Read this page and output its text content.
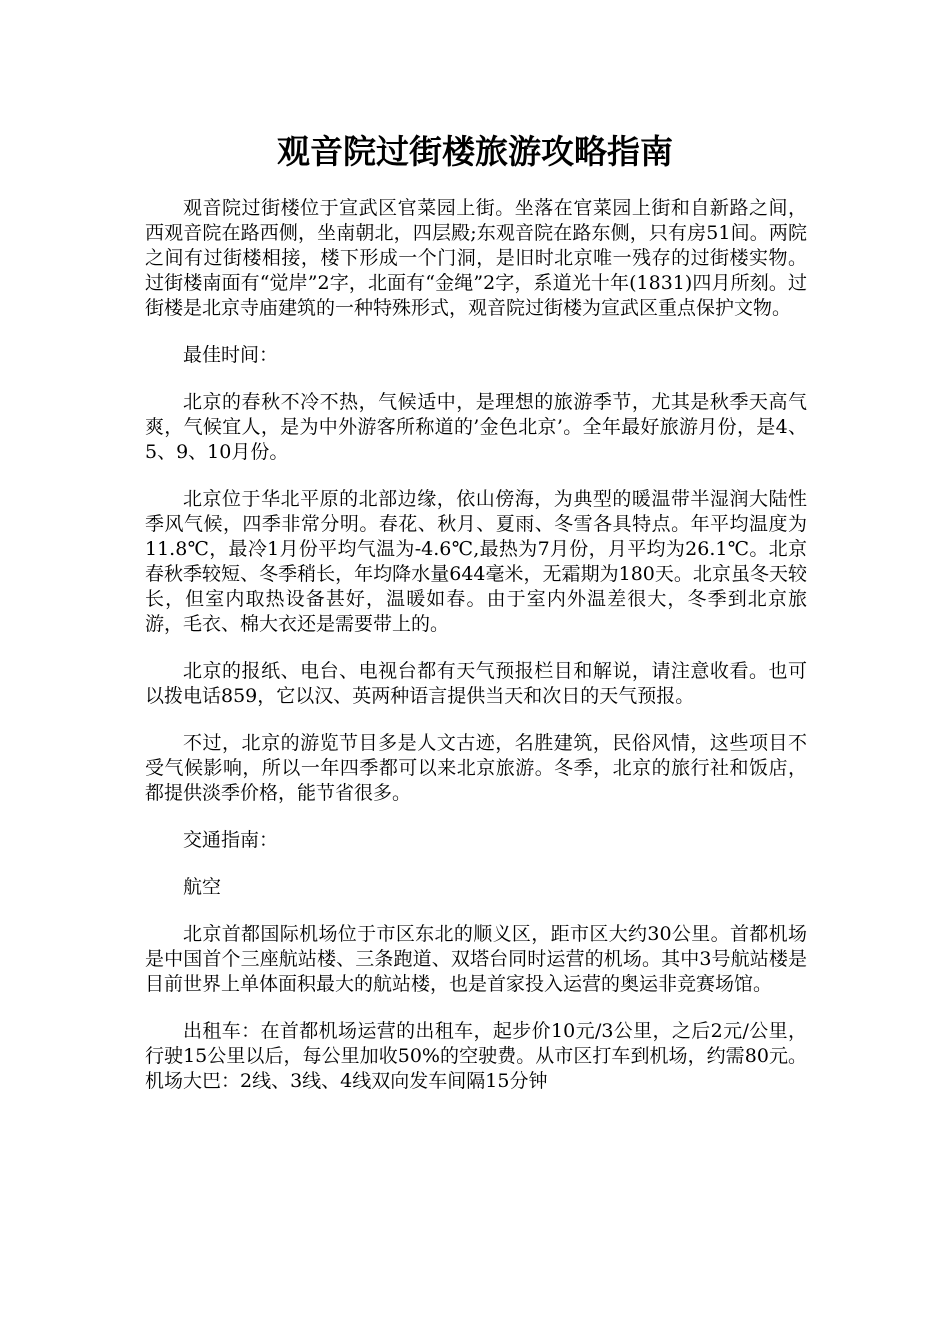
观音院过街楼旅游攻略指南

观音院过街楼位于宣武区官菜园上街。坐落在官菜园上街和自新路之间，西观音院在路西侧，坐南朝北，四层殿;东观音院在路东侧，只有房51间。两院之间有过街楼相接，楼下形成一个门洞，是旧时北京唯一残存的过街楼实物。过街楼南面有“觉岸”2字，北面有“金绳”2字，系道光十年(1831)四月所刻。过街楼是北京寺庙建筑的一种特殊形式，观音院过街楼为宣武区重点保护文物。

最佳时间：

北京的春秋不冷不热，气候适中，是理想的旅游季节，尤其是秋季天高气爽，气候宜人，是为中外游客所称道的’金色北京’。全年最好旅游月份，是4、5、9、10月份。

北京位于华北平原的北部边缘，依山傍海，为典型的暖温带半湿润大陆性季风气候，四季非常分明。春花、秋月、夏雨、冬雪各具特点。年平均温度为11.8℃，最冷1月份平均气温为-4.6℃,最热为7月份，月平均为26.1℃。北京春秋季较短、冬季稍长，年均降水量644毫米，无霜期为180天。北京虽冬天较长，但室内取热设备甚好，温暖如春。由于室内外温差很大，冬季到北京旅游，毛衣、棉大衣还是需要带上的。

北京的报纸、电台、电视台都有天气预报栏目和解说，请注意收看。也可以拨电话859，它以汉、英两种语言提供当天和次日的天气预报。

不过，北京的游览节目多是人文古迹，名胜建筑，民俗风情，这些项目不受气候影响，所以一年四季都可以来北京旅游。冬季，北京的旅行社和饭店，都提供淡季价格，能节省很多。

交通指南：

航空

北京首都国际机场位于市区东北的顺义区，距市区大约30公里。首都机场是中国首个三座航站楼、三条跑道、双塔台同时运营的机场。其中3号航站楼是目前世界上单体面积最大的航站楼，也是首家投入运营的奥运非竞赛场馆。

出租车：在首都机场运营的出租车，起步价10元/3公里，之后2元/公里，行驶15公里以后，每公里加收50%的空驶费。从市区打车到机场，约需80元。 机场大巴：2线、3线、4线双向发车间隔15分钟
